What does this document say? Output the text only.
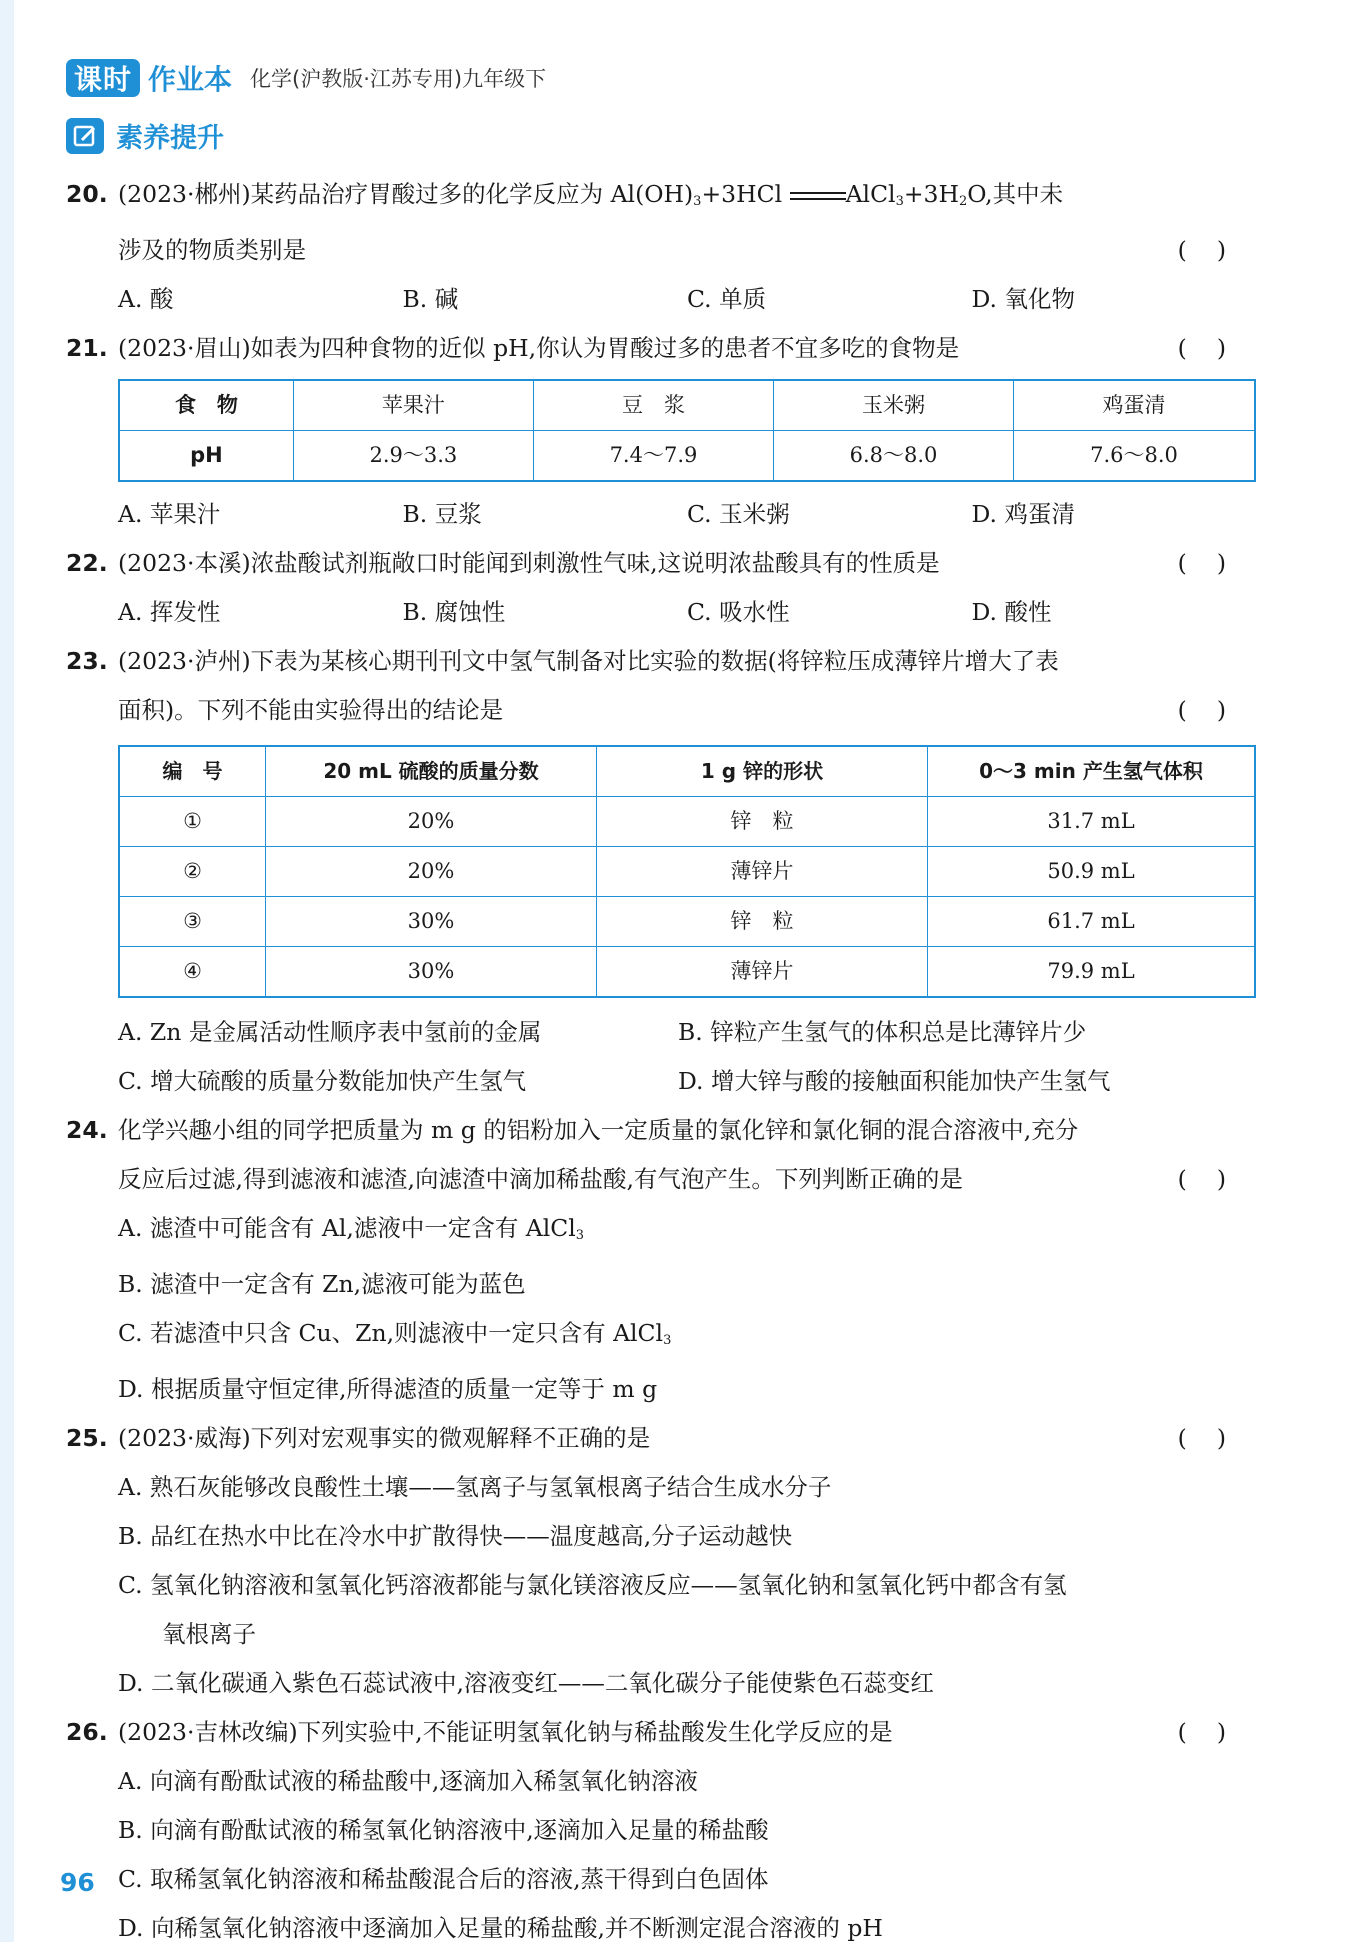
课时 作业本 化学(沪教版·江苏专用)九年级下
素养提升
20. (2023·郴州)某药品治疗胃酸过多的化学反应为 $Al(OH)_3+3HCl$	$AlCl_3+3H_2O$,其中未
涉及的物质类别是	()
A. 酸	B. 碱	C. 单质	D. 氧化物
21. (2023·眉山)如表为四种食物的近似 pH,你认为胃酸过多的患者不宜多吃的食物是	()
食　物	苹果汁	豆　浆	玉米粥	鸡蛋清
pH	2.9～3.3	7.4～7.9	6.8～8.0	7.6～8.0
A. 苹果汁	B. 豆浆	C. 玉米粥	D. 鸡蛋清
22. (2023·本溪)浓盐酸试剂瓶敞口时能闻到刺激性气味,这说明浓盐酸具有的性质是	()
A. 挥发性	B. 腐蚀性	C. 吸水性	D. 酸性
23. (2023·泸州)下表为某核心期刊刊文中氢气制备对比实验的数据(将锌粒压成薄锌片增大了表
面积)。下列不能由实验得出的结论是	()
编　号	20 mL 硫酸的质量分数	1 g 锌的形状	0～3 min 产生氢气体积
①	20%	锌　粒	31.7 mL
②	20%	薄锌片	50.9 mL
③	30%	锌　粒	61.7 mL
④	30%	薄锌片	79.9 mL
A. Zn 是金属活动性顺序表中氢前的金属	B. 锌粒产生氢气的体积总是比薄锌片少
C. 增大硫酸的质量分数能加快产生氢气	D. 增大锌与酸的接触面积能加快产生氢气
24. 化学兴趣小组的同学把质量为 m g 的铝粉加入一定质量的氯化锌和氯化铜的混合溶液中,充分
反应后过滤,得到滤液和滤渣,向滤渣中滴加稀盐酸,有气泡产生。下列判断正确的是	()
A. 滤渣中可能含有 Al,滤液中一定含有 AlCl$_3$
B. 滤渣中一定含有 Zn,滤液可能为蓝色
C. 若滤渣中只含 Cu、Zn,则滤液中一定只含有 AlCl$_3$
D. 根据质量守恒定律,所得滤渣的质量一定等于 m g
25. (2023·威海)下列对宏观事实的微观解释不正确的是	()
A. 熟石灰能够改良酸性土壤——氢离子与氢氧根离子结合生成水分子
B. 品红在热水中比在冷水中扩散得快——温度越高,分子运动越快
C. 氢氧化钠溶液和氢氧化钙溶液都能与氯化镁溶液反应——氢氧化钠和氢氧化钙中都含有氢
氧根离子
D. 二氧化碳通入紫色石蕊试液中,溶液变红——二氧化碳分子能使紫色石蕊变红
26. (2023·吉林改编)下列实验中,不能证明氢氧化钠与稀盐酸发生化学反应的是	()
A. 向滴有酚酞试液的稀盐酸中,逐滴加入稀氢氧化钠溶液
B. 向滴有酚酞试液的稀氢氧化钠溶液中,逐滴加入足量的稀盐酸
C. 取稀氢氧化钠溶液和稀盐酸混合后的溶液,蒸干得到白色固体
D. 向稀氢氧化钠溶液中逐滴加入足量的稀盐酸,并不断测定混合溶液的 pH
96
